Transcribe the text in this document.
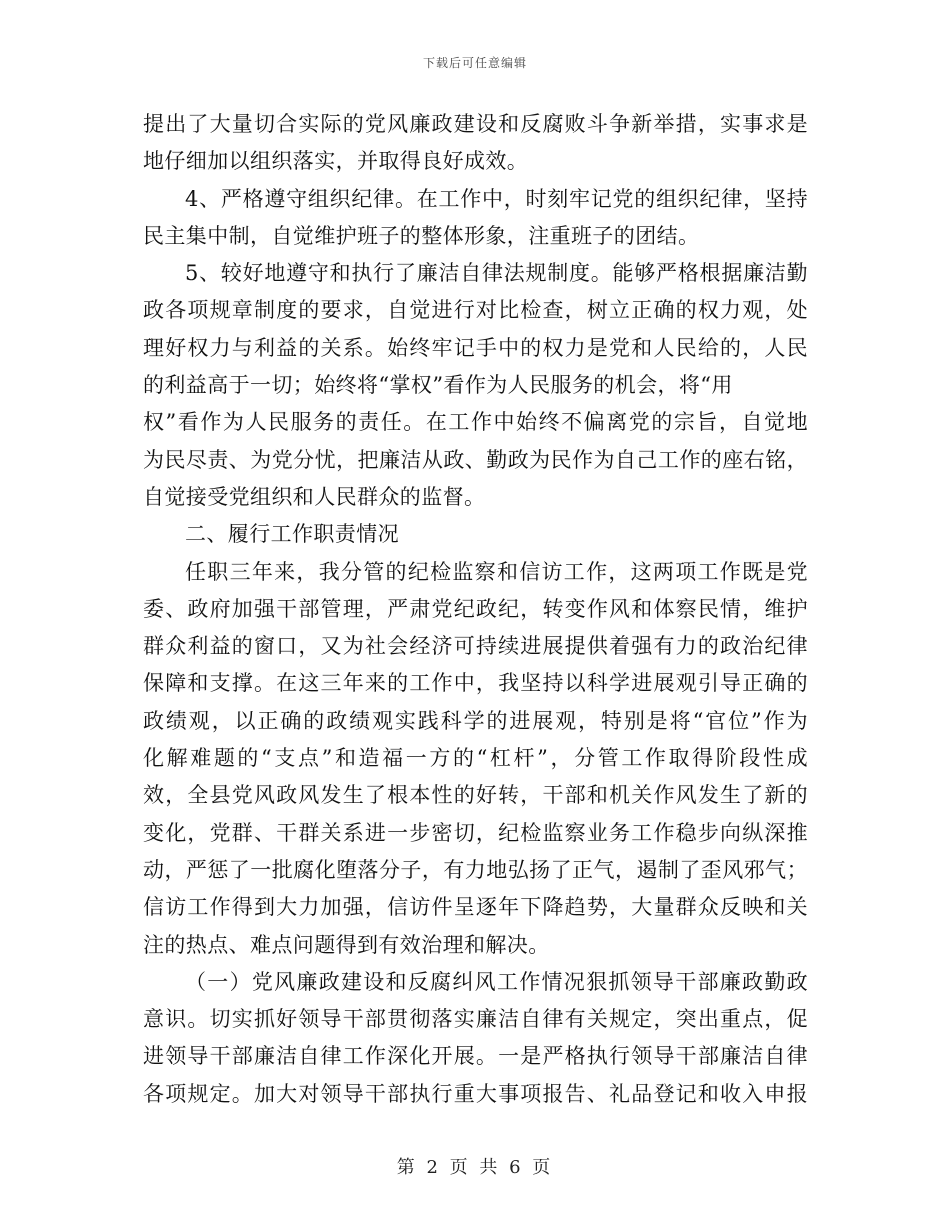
下载后可任意编辑
提出了大量切合实际的党风廉政建设和反腐败斗争新举措，实事求是
地仔细加以组织落实，并取得良好成效。
4、严格遵守组织纪律。在工作中，时刻牢记党的组织纪律，坚持
民主集中制，自觉维护班子的整体形象，注重班子的团结。
5、较好地遵守和执行了廉洁自律法规制度。能够严格根据廉洁勤
政各项规章制度的要求，自觉进行对比检查，树立正确的权力观，处
理好权力与利益的关系。始终牢记手中的权力是党和人民给的，人民
的利益高于一切；始终将“掌权”看作为人民服务的机会，将“用
权”看作为人民服务的责任。在工作中始终不偏离党的宗旨，自觉地
为民尽责、为党分忧，把廉洁从政、勤政为民作为自己工作的座右铭，
自觉接受党组织和人民群众的监督。
二、履行工作职责情况
任职三年来，我分管的纪检监察和信访工作，这两项工作既是党
委、政府加强干部管理，严肃党纪政纪，转变作风和体察民情，维护
群众利益的窗口，又为社会经济可持续进展提供着强有力的政治纪律
保障和支撑。在这三年来的工作中，我坚持以科学进展观引导正确的
政绩观，以正确的政绩观实践科学的进展观，特别是将“官位”作为
化解难题的“支点”和造福一方的“杠杆”，分管工作取得阶段性成
效，全县党风政风发生了根本性的好转，干部和机关作风发生了新的
变化，党群、干群关系进一步密切，纪检监察业务工作稳步向纵深推
动，严惩了一批腐化堕落分子，有力地弘扬了正气，遏制了歪风邪气；
信访工作得到大力加强，信访件呈逐年下降趋势，大量群众反映和关
注的热点、难点问题得到有效治理和解决。
（一）党风廉政建设和反腐纠风工作情况狠抓领导干部廉政勤政
意识。切实抓好领导干部贯彻落实廉洁自律有关规定，突出重点，促
进领导干部廉洁自律工作深化开展。一是严格执行领导干部廉洁自律
各项规定。加大对领导干部执行重大事项报告、礼品登记和收入申报
第 2 页 共 6 页
